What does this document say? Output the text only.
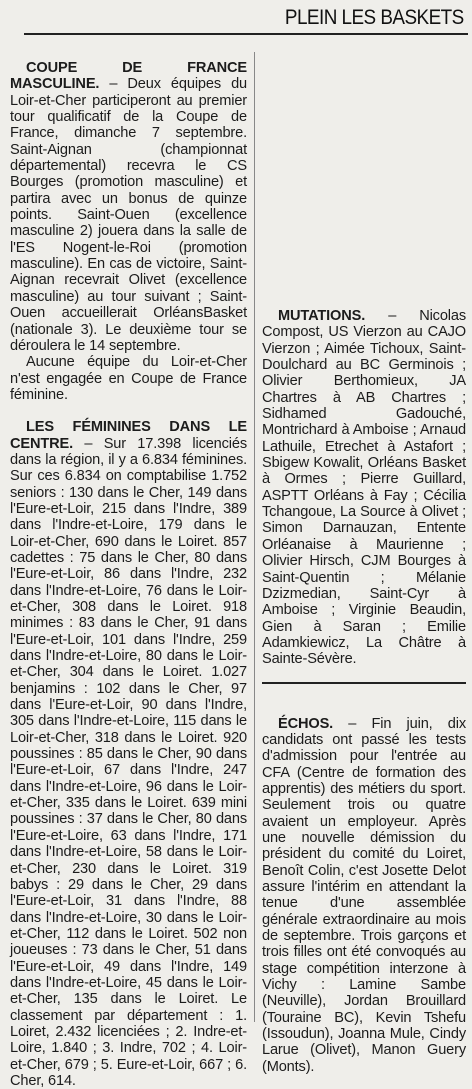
PLEIN LES BASKETS

COUPE DE FRANCE MASCULINE. – Deux équipes du Loir-et-Cher participeront au premier tour qualificatif de la Coupe de France, dimanche 7 septembre. Saint-Aignan (championnat départemental) recevra le CS Bourges (promotion masculine) et partira avec un bonus de quinze points. Saint-Ouen (excellence masculine 2) jouera dans la salle de l'ES Nogent-le-Roi (promotion masculine). En cas de victoire, Saint-Aignan recevrait Olivet (excellence masculine) au tour suivant ; Saint-Ouen accueillerait OrléansBasket (nationale 3). Le deuxième tour se déroulera le 14 septembre.

Aucune équipe du Loir-et-Cher n'est engagée en Coupe de France féminine.

LES FÉMININES DANS LE CENTRE. – Sur 17.398 licenciés dans la région, il y a 6.834 féminines. Sur ces 6.834 on comptabilise 1.752 seniors : 130 dans le Cher, 149 dans l'Eure-et-Loir, 215 dans l'Indre, 389 dans l'Indre-et-Loire, 179 dans le Loir-et-Cher, 690 dans le Loiret. 857 cadettes : 75 dans le Cher, 80 dans l'Eure-et-Loir, 86 dans l'Indre, 232 dans l'Indre-et-Loire, 76 dans le Loir-et-Cher, 308 dans le Loiret. 918 minimes : 83 dans le Cher, 91 dans l'Eure-et-Loir, 101 dans l'Indre, 259 dans l'Indre-et-Loire, 80 dans le Loir-et-Cher, 304 dans le Loiret. 1.027 benjamins : 102 dans le Cher, 97 dans l'Eure-et-Loir, 90 dans l'Indre, 305 dans l'Indre-et-Loire, 115 dans le Loir-et-Cher, 318 dans le Loiret. 920 poussines : 85 dans le Cher, 90 dans l'Eure-et-Loir, 67 dans l'Indre, 247 dans l'Indre-et-Loire, 96 dans le Loir-et-Cher, 335 dans le Loiret. 639 mini poussines : 37 dans le Cher, 80 dans l'Eure-et-Loire, 63 dans l'Indre, 171 dans l'Indre-et-Loire, 58 dans le Loir-et-Cher, 230 dans le Loiret. 319 babys : 29 dans le Cher, 29 dans l'Eure-et-Loir, 31 dans l'Indre, 88 dans l'Indre-et-Loire, 30 dans le Loir-et-Cher, 112 dans le Loiret. 502 non joueuses : 73 dans le Cher, 51 dans l'Eure-et-Loir, 49 dans l'Indre, 149 dans l'Indre-et-Loire, 45 dans le Loir-et-Cher, 135 dans le Loiret. Le classement par département : 1. Loiret, 2.432 licenciées ; 2. Indre-et-Loire, 1.840 ; 3. Indre, 702 ; 4. Loir-et-Cher, 679 ; 5. Eure-et-Loir, 667 ; 6. Cher, 614.

MUTATIONS. – Nicolas Compost, US Vierzon au CAJO Vierzon ; Aimée Tichoux, Saint-Doulchard au BC Germinois ; Olivier Berthomieux, JA Chartres à AB Chartres ; Sidhamed Gadouché, Montrichard à Amboise ; Arnaud Lathuile, Etrechet à Astafort ; Sbigew Kowalit, Orléans Basket à Ormes ; Pierre Guillard, ASPTT Orléans à Fay ; Cécilia Tchangoue, La Source à Olivet ; Simon Darnauzan, Entente Orléanaise à Maurienne ; Olivier Hirsch, CJM Bourges à Saint-Quentin ; Mélanie Dzizmedian, Saint-Cyr à Amboise ; Virginie Beaudin, Gien à Saran ; Emilie Adamkiewicz, La Châtre à Sainte-Sévère.

ÉCHOS. – Fin juin, dix candidats ont passé les tests d'admission pour l'entrée au CFA (Centre de formation des apprentis) des métiers du sport. Seulement trois ou quatre avaient un employeur. Après une nouvelle démission du président du comité du Loiret, Benoît Colin, c'est Josette Delot assure l'intérim en attendant la tenue d'une assemblée générale extraordinaire au mois de septembre. Trois garçons et trois filles ont été convoqués au stage compétition interzone à Vichy : Lamine Sambe (Neuville), Jordan Brouillard (Touraine BC), Kevin Tshefu (Issoudun), Joanna Mule, Cindy Larue (Olivet), Manon Guery (Monts).
